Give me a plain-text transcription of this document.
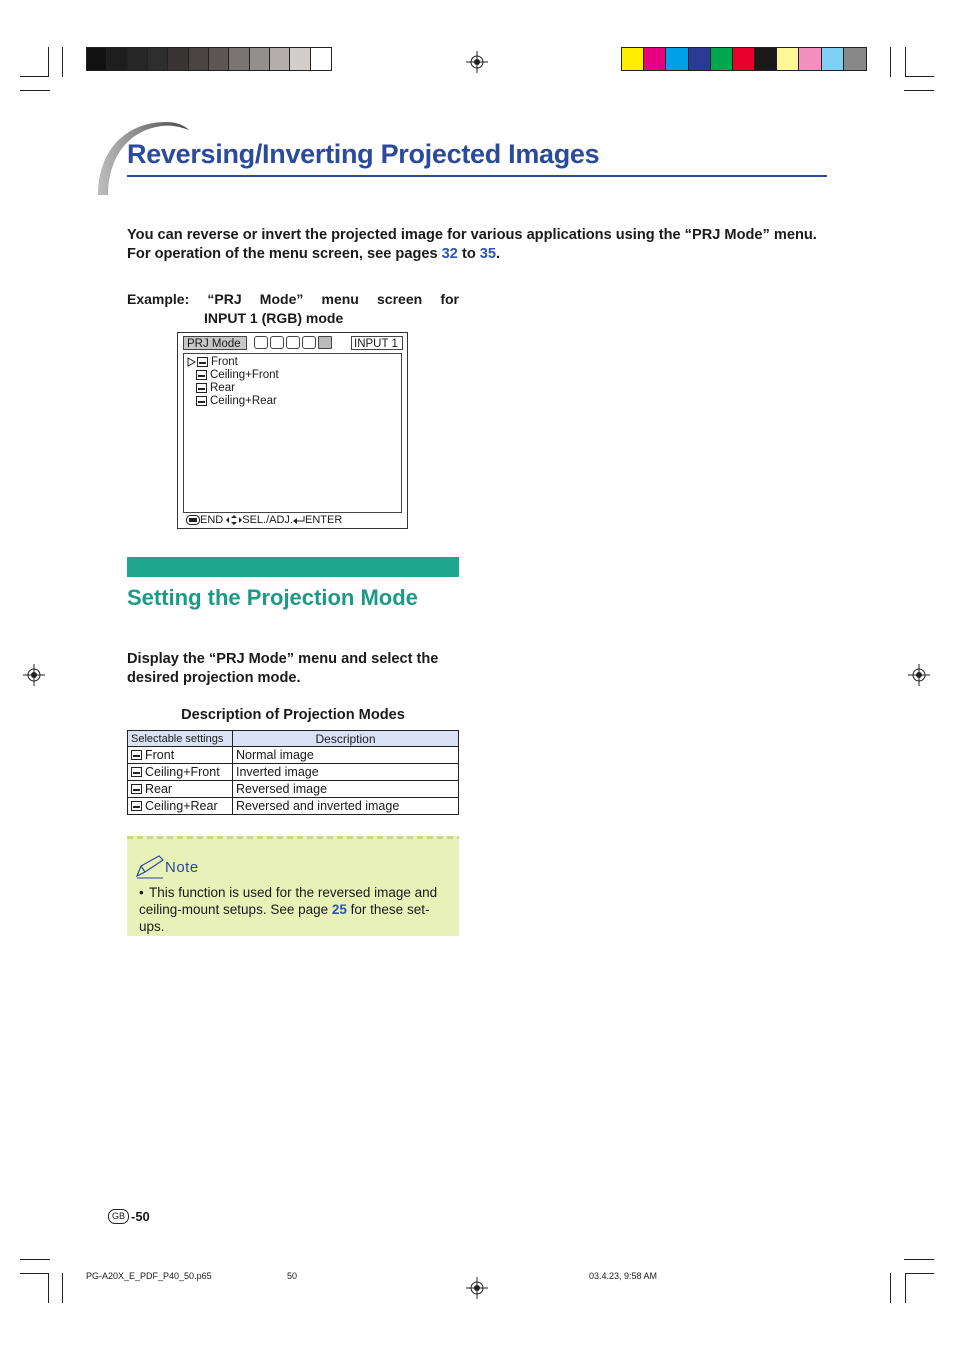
Reversing/Inverting Projected Images
You can reverse or invert the projected image for various applications using the “PRJ Mode” menu. For operation of the menu screen, see pages 32 to 35.
Example: “PRJ Mode” menu screen for
INPUT 1 (RGB) mode
PRJ Mode	INPUT 1
Front
Ceiling+Front
Rear
Ceiling+Rear
END SEL./ADJ. ENTER
Setting the Projection Mode
Display the “PRJ Mode” menu and select the desired projection mode.
Description of Projection Modes
Selectable settings	Description

Front	Normal image

Ceiling+Front	Inverted image

Rear	Reversed image

Ceiling+Rear	Reversed and inverted image
Note
• This function is used for the reversed image and ceiling-mount setups. See page 25 for these set-ups.
GB -50
PG-A20X_E_PDF_P40_50.p65	50	03.4.23, 9:58 AM
